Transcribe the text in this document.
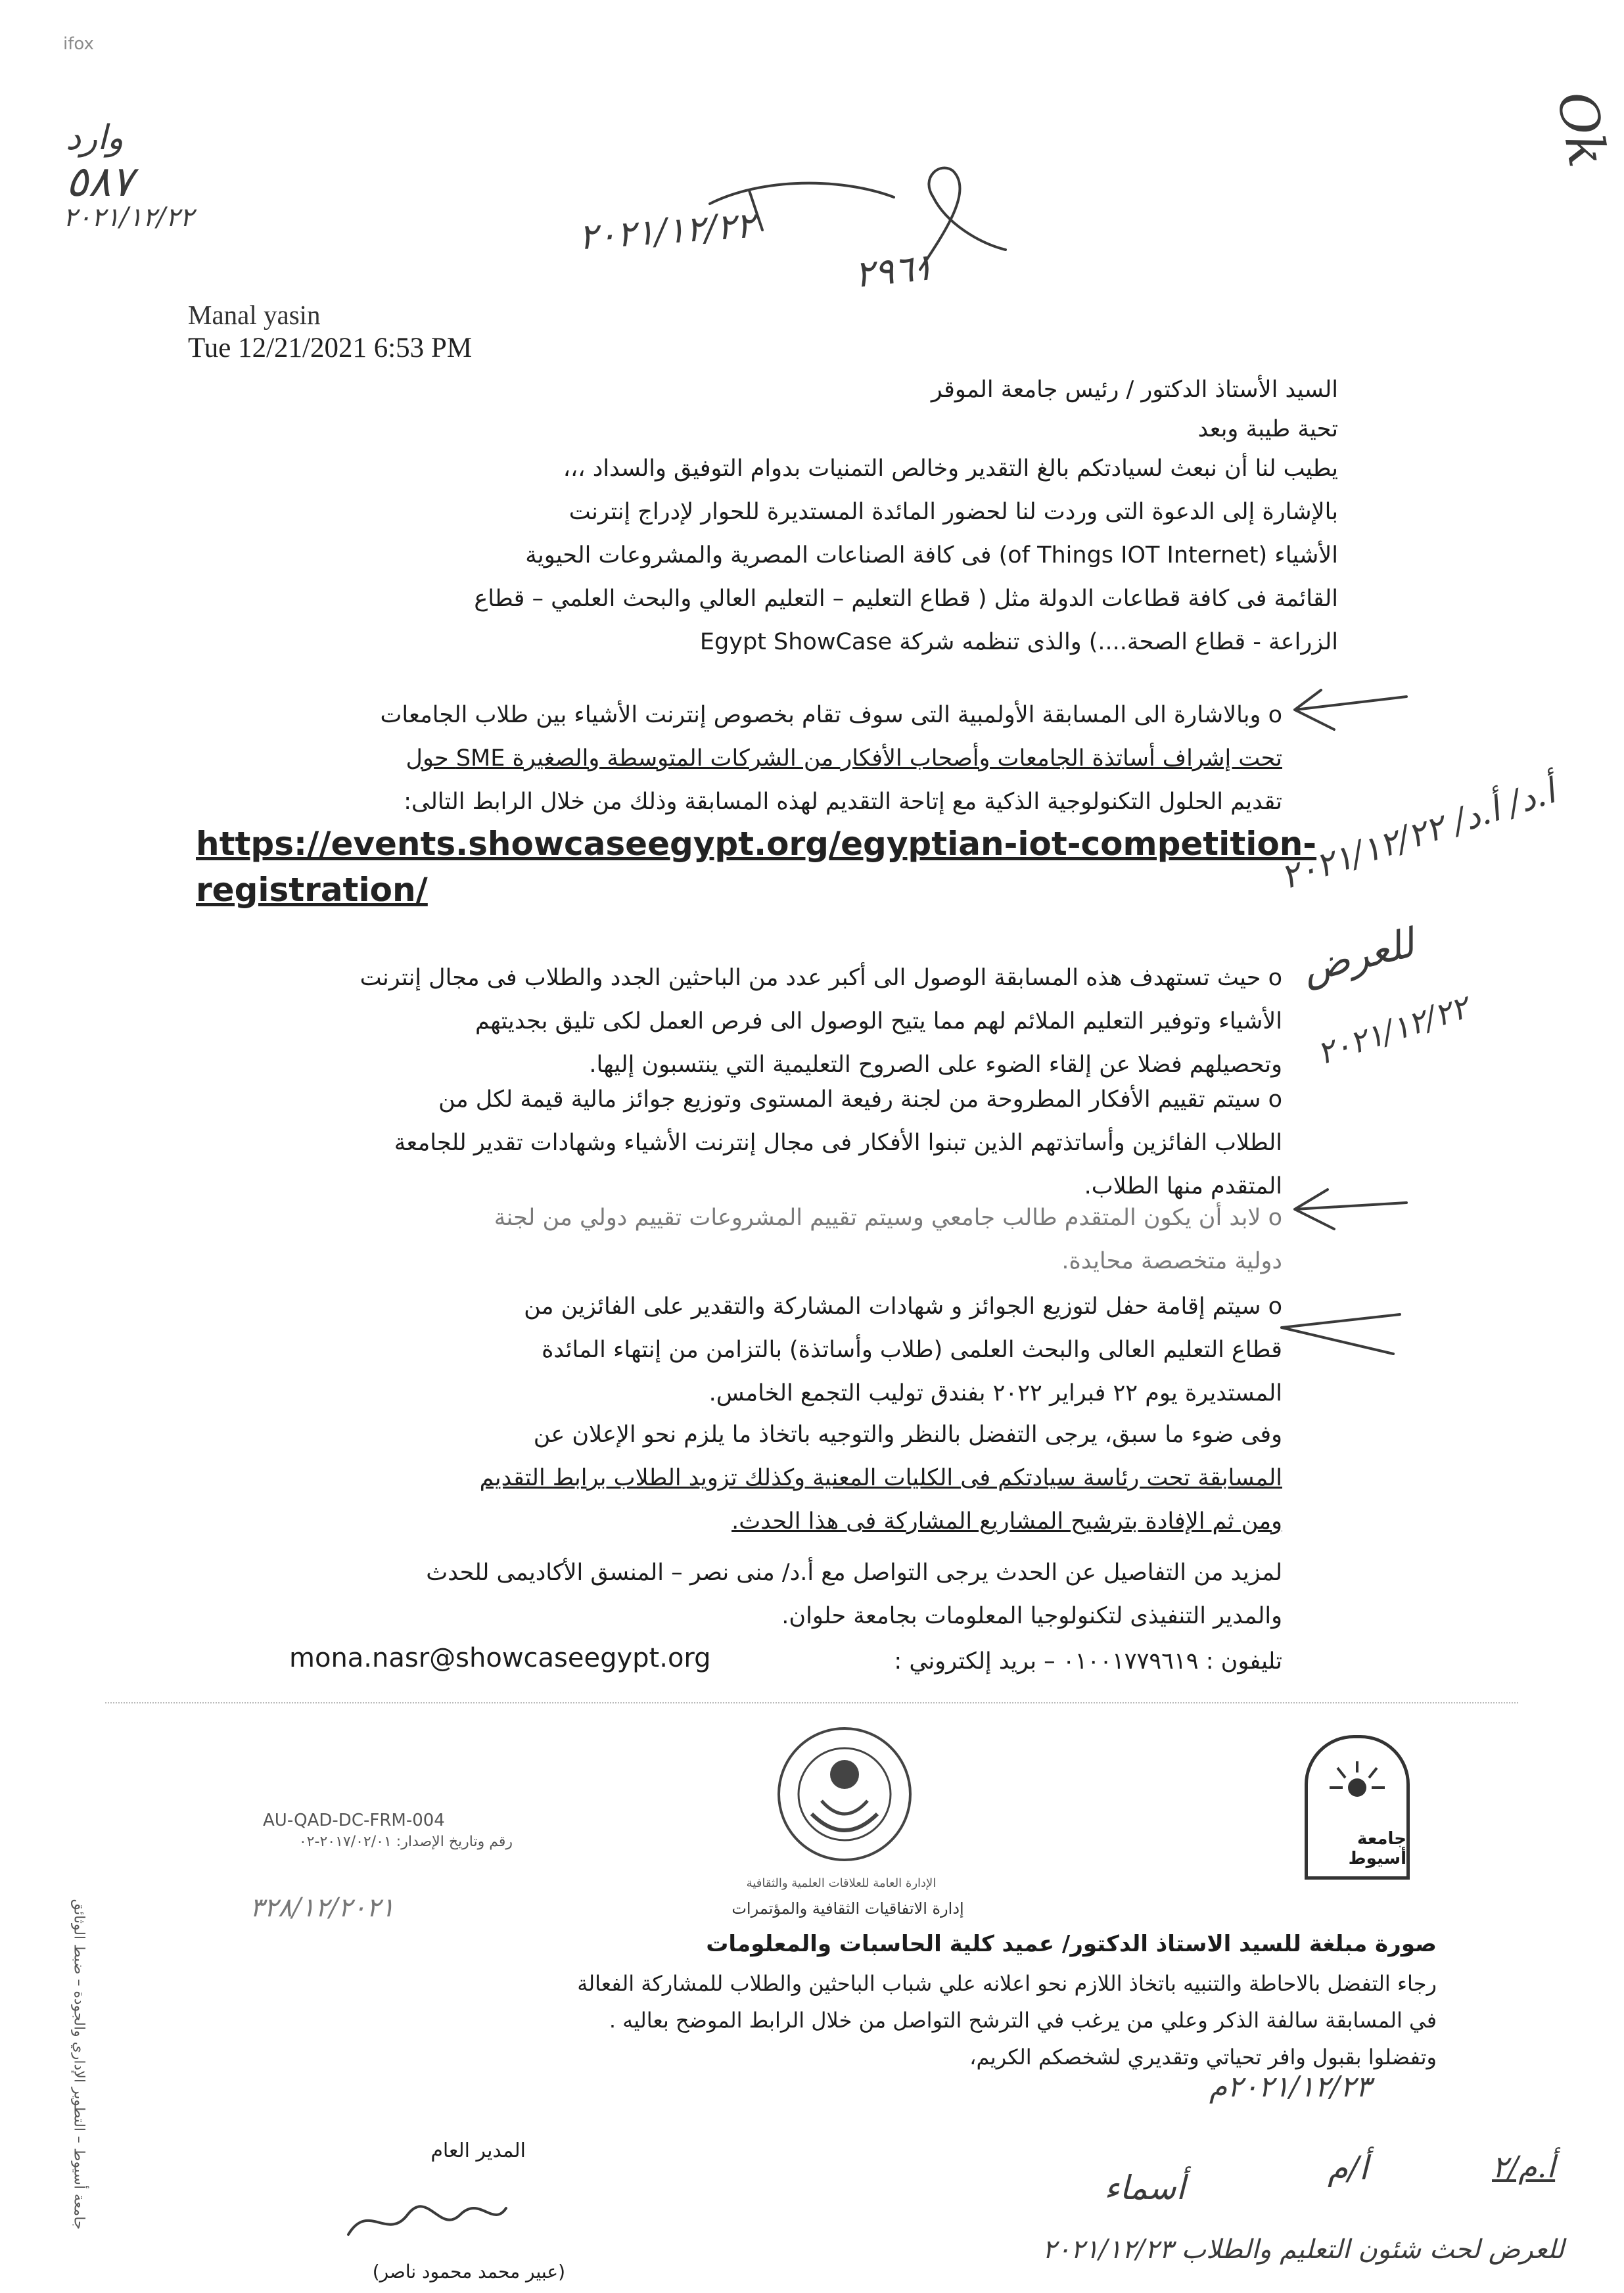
ifox
وارد
٥٨٧
٢٠٢١/١٢/٢٢	٢٠٢١/١٢/٢٢
٢٩٦١
Ok
Manal yasin
Tue 12/21/2021 6:53 PM
السيد الأستاذ الدكتور / رئيس جامعة الموقر
تحية طيبة وبعد
يطيب لنا أن نبعث لسيادتكم بالغ التقدير وخالص التمنيات بدوام التوفيق والسداد ،،،
بالإشارة إلى الدعوة التى وردت لنا لحضور المائدة المستديرة للحوار لإدراج إنترنت
الأشياء (of Things IOT Internet) فى كافة الصناعات المصرية والمشروعات الحيوية
القائمة فى كافة قطاعات الدولة مثل ( قطاع التعليم – التعليم العالي والبحث العلمي – قطاع
الزراعة - قطاع الصحة....) والذى تنظمه شركة Egypt ShowCase
o وبالاشارة الى المسابقة الأولمبية التى سوف تقام بخصوص إنترنت الأشياء بين طلاب الجامعات
تحت إشراف أساتذة الجامعات وأصحاب الأفكار من الشركات المتوسطة والصغيرة SME حول
تقديم الحلول التكنولوجية الذكية مع إتاحة التقديم لهذه المسابقة وذلك من خلال الرابط التالى:
https://events.showcaseegypt.org/egyptian-iot-competition-
registration/	أ.د/ أ.د/ ٢٠٢١/١٢/٢٢
للعرض
٢٠٢١/١٢/٢٢
o حيث تستهدف هذه المسابقة الوصول الى أكبر عدد من الباحثين الجدد والطلاب فى مجال إنترنت
الأشياء وتوفير التعليم الملائم لهم مما يتيح الوصول الى فرص العمل لكى تليق بجديتهم
وتحصيلهم فضلا عن إلقاء الضوء على الصروح التعليمية التي ينتسبون إليها.
o سيتم تقييم الأفكار المطروحة من لجنة رفيعة المستوى وتوزيع جوائز مالية قيمة لكل من
الطلاب الفائزين وأساتذتهم الذين تبنوا الأفكار فى مجال إنترنت الأشياء وشهادات تقدير للجامعة
المتقدم منها الطلاب.
o لابد أن يكون المتقدم طالب جامعي وسيتم تقييم المشروعات تقييم دولي من لجنة
دولية متخصصة محايدة.
o سيتم إقامة حفل لتوزيع الجوائز و شهادات المشاركة والتقدير على الفائزين من
قطاع التعليم العالى والبحث العلمى (طلاب وأساتذة) بالتزامن من إنتهاء المائدة
المستديرة يوم ٢٢ فبراير ٢٠٢٢ بفندق توليب التجمع الخامس.
وفى ضوء ما سبق، يرجى التفضل بالنظر والتوجيه باتخاذ ما يلزم نحو الإعلان عن
المسابقة تحت رئاسة سيادتكم فى الكليات المعنية وكذلك تزويد الطلاب برابط التقديم
ومن ثم الإفادة بترشيح المشاريع المشاركة فى هذا الحدث.
لمزيد من التفاصيل عن الحدث يرجى التواصل مع أ.د/ منى نصر – المنسق الأكاديمى للحدث
والمدير التنفيذى لتكنولوجيا المعلومات بجامعة حلوان.
تليفون : ٠١٠٠١٧٧٩٦١٩ – بريد إلكتروني :
mona.nasr@showcaseegypt.org
AU-QAD-DC-FRM-004
رقم وتاريخ الإصدار: ٢٠١٧/٠٢/٠١-٠٢
٣٢٨/١٢/٢٠٢١
الإدارة العامة للعلاقات العلمية والثقافية
إدارة الاتفاقيات الثقافية والمؤتمرات
جامعة أسيوط
جامعة أسيوط – التطوير الإداري والجودة – ضبط الوثائق	صورة مبلغة للسيد الاستاذ الدكتور/ عميد كلية الحاسبات والمعلومات
رجاء التفضل بالاحاطة والتنبيه باتخاذ اللازم نحو اعلانه علي شباب الباحثين والطلاب للمشاركة الفعالة
في المسابقة سالفة الذكر وعلي من يرغب في الترشح التواصل من خلال الرابط الموضح بعاليه .
وتفضلوا بقبول وافر تحياتي وتقديري لشخصكم الكريم،
٢٠٢١/١٢/٢٣م
المدير العام
(عبير محمد محمود ناصر)
أسماء
أ/م	أ.م/٢
للعرض لحث شئون التعليم والطلاب ٢٠٢١/١٢/٢٣
